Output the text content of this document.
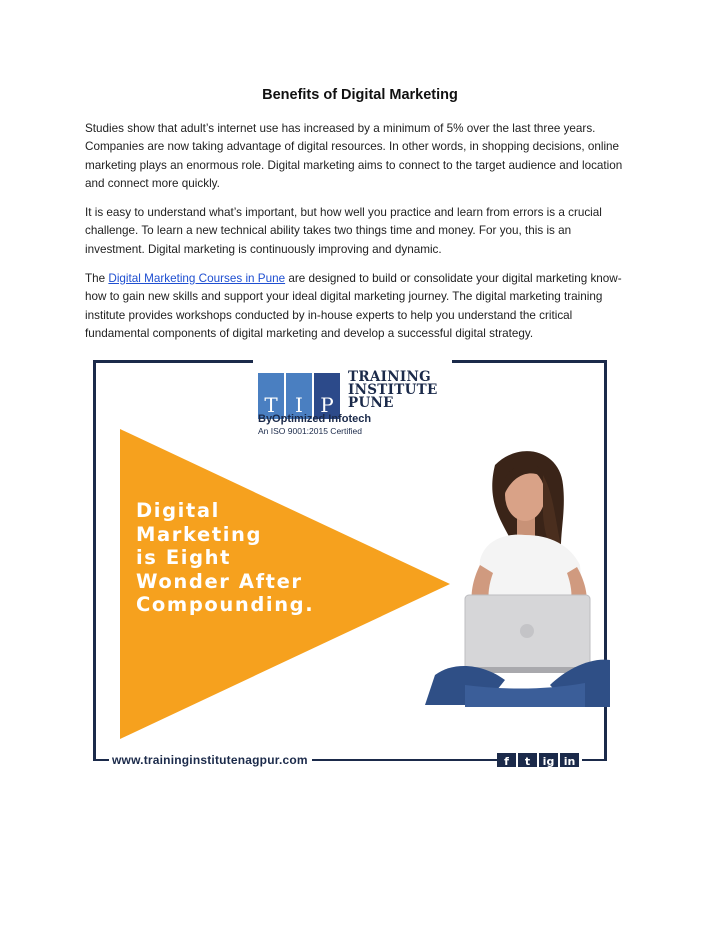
Benefits of Digital Marketing
Studies show that adult’s internet use has increased by a minimum of 5% over the last three years. Companies are now taking advantage of digital resources. In other words, in shopping decisions, online marketing plays an enormous role. Digital marketing aims to connect to the target audience and location and connect more quickly.
It is easy to understand what’s important, but how well you practice and learn from errors is a crucial challenge. To learn a new technical ability takes two things time and money. For you, this is an investment. Digital marketing is continuously improving and dynamic.
The Digital Marketing Courses in Pune are designed to build or consolidate your digital marketing know-how to gain new skills and support your ideal digital marketing journey. The digital marketing training institute provides workshops conducted by in-house experts to help you understand the critical fundamental components of digital marketing and develop a successful digital strategy.
T I P
TRAINING
INSTITUTE
PUNE
ByOptimized Infotech
An ISO 9001:2015 Certified
Digital
Marketing
is Eight
Wonder After
Compounding.
www.traininginstitutenagpur.com	f	t	ig in
